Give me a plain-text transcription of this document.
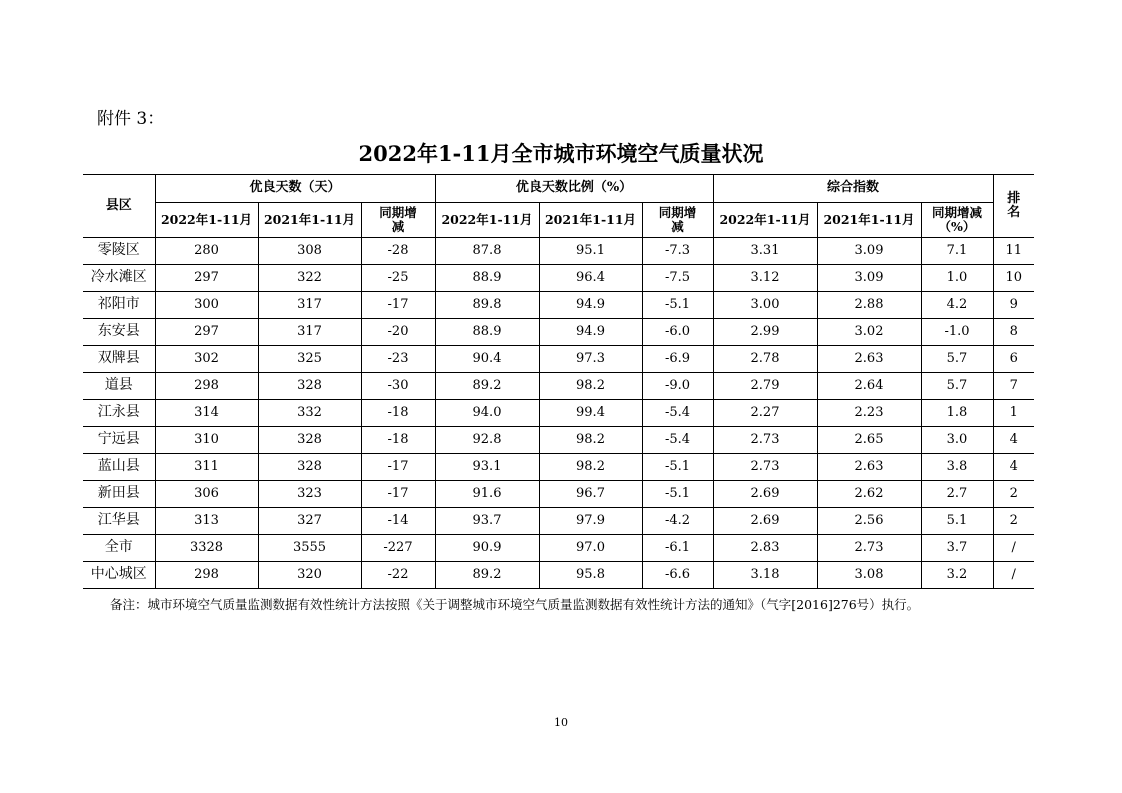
附件 3：
2022年1-11月全市城市环境空气质量状况
县区	优良天数（天）			优良天数比例（%）			综合指数			排名
	2022年1-11月	2021年1-11月	同期增减	2022年1-11月	2021年1-11月	同期增减	2022年1-11月	2021年1-11月	同期增减（%）	
零陵区	280	308	-28	87.8	95.1	-7.3	3.31	3.09	7.1	11
冷水滩区	297	322	-25	88.9	96.4	-7.5	3.12	3.09	1.0	10
祁阳市	300	317	-17	89.8	94.9	-5.1	3.00	2.88	4.2	9
东安县	297	317	-20	88.9	94.9	-6.0	2.99	3.02	-1.0	8
双牌县	302	325	-23	90.4	97.3	-6.9	2.78	2.63	5.7	6
道县	298	328	-30	89.2	98.2	-9.0	2.79	2.64	5.7	7
江永县	314	332	-18	94.0	99.4	-5.4	2.27	2.23	1.8	1
宁远县	310	328	-18	92.8	98.2	-5.4	2.73	2.65	3.0	4
蓝山县	311	328	-17	93.1	98.2	-5.1	2.73	2.63	3.8	4
新田县	306	323	-17	91.6	96.7	-5.1	2.69	2.62	2.7	2
江华县	313	327	-14	93.7	97.9	-4.2	2.69	2.56	5.1	2
全市	3328	3555	-227	90.9	97.0	-6.1	2.83	2.73	3.7	/
中心城区	298	320	-22	89.2	95.8	-6.6	3.18	3.08	3.2	/
备注：城市环境空气质量监测数据有效性统计方法按照《关于调整城市环境空气质量监测数据有效性统计方法的通知》（气字[2016]276号）执行。
10
